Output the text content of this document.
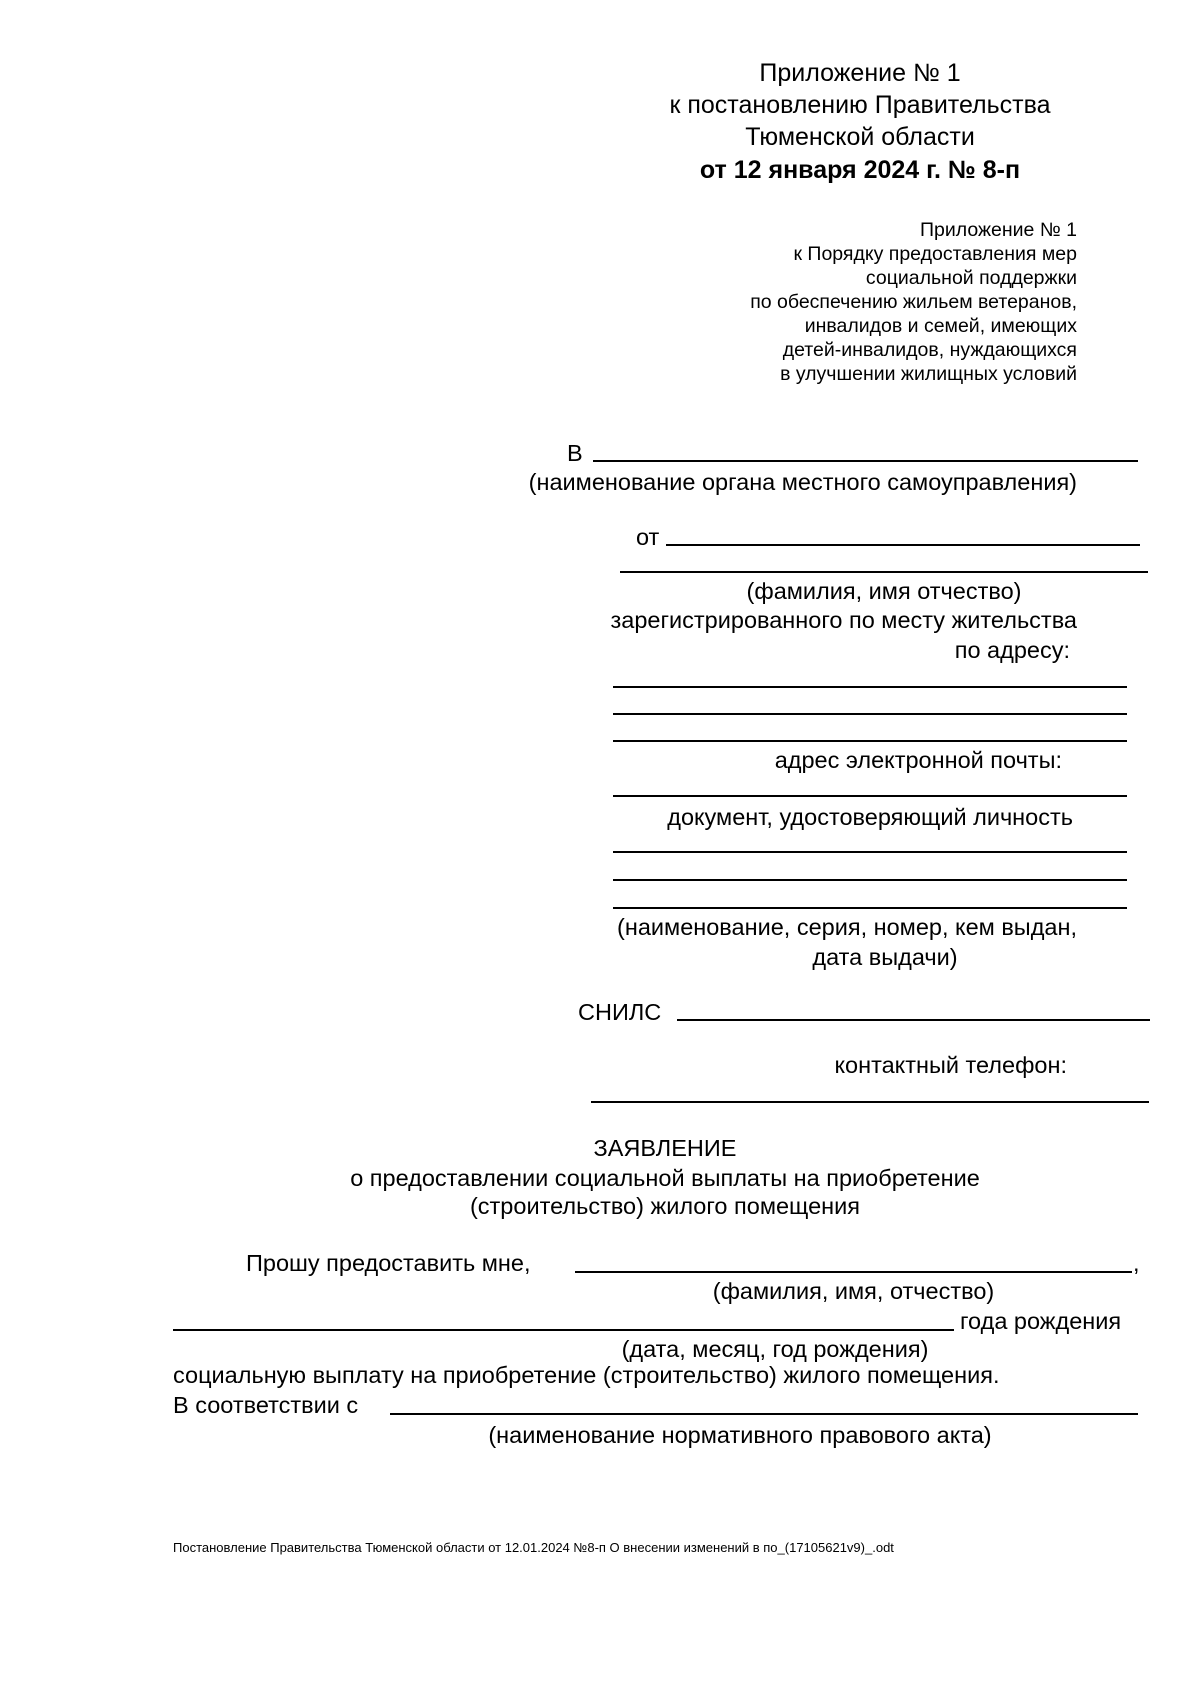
Приложение № 1
к постановлению Правительства
Тюменской области
от 12 января 2024 г. № 8-п
Приложение № 1
к Порядку предоставления мер
социальной поддержки
по обеспечению жильем ветеранов,
инвалидов и семей, имеющих
детей-инвалидов, нуждающихся
в улучшении жилищных условий
В
(наименование органа местного самоуправления)
от
(фамилия, имя отчество)
зарегистрированного по месту жительства
по адресу:
адрес электронной почты:
документ, удостоверяющий личность
(наименование, серия, номер, кем выдан,
дата выдачи)
СНИЛС
контактный телефон:
ЗАЯВЛЕНИЕ
о предоставлении социальной выплаты на приобретение
(строительство) жилого помещения
Прошу предоставить мне,	,
(фамилия, имя, отчество)
года рождения
(дата, месяц, год рождения)
социальную выплату на приобретение (строительство) жилого помещения.
В соответствии с
(наименование нормативного правового акта)
Постановление Правительства Тюменской области от 12.01.2024 №8-п О внесении изменений в по_(17105621v9)_.odt
